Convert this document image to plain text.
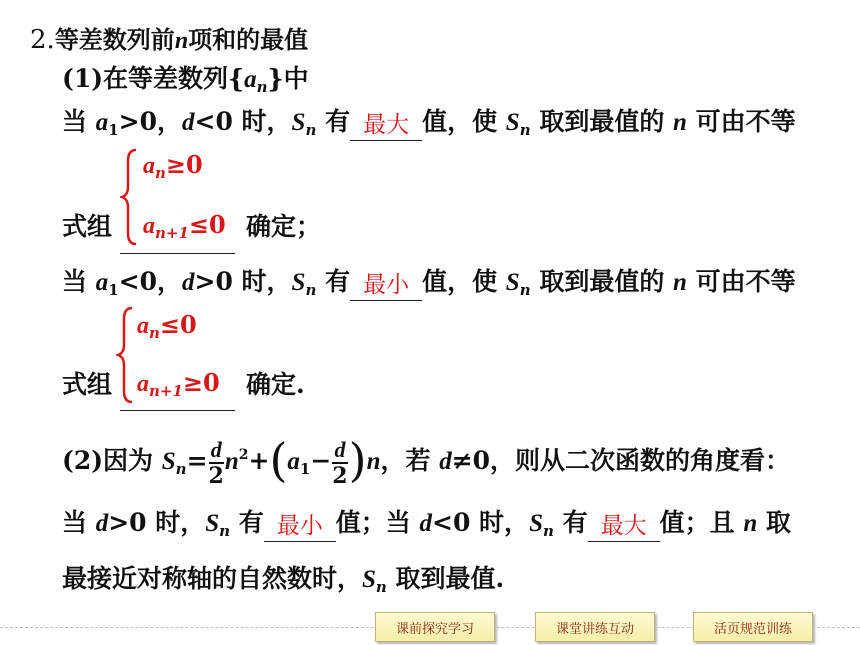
2.等差数列前n项和的最值
(1)在等差数列$\{a_n\}$中
当 $a_1>0$，d<0 时，$S_n$ 有 最大 值，使 $S_n$ 取到最值的 n 可由不等
$a_n\ge 0$
式组 $a_{n+1}\le 0$ 确定；
当 $a_1<0$，d>0 时，$S_n$ 有 最小 值，使 $S_n$ 取到最值的 n 可由不等
$a_n\le 0$
式组 $a_{n+1}\ge 0$ 确定.
(2)因为 $S_n= \frac{d}{2} n^2+(a_1- \frac{d}{2} )n$，若 d≠0，则从二次函数的角度看：
当 d>0 时，$S_n$ 有 最小 值；当 d<0 时，$S_n$ 有 最大 值；且 n 取
最接近对称轴的自然数时，$S_n$ 取到最值.
课前探究学习	课堂讲练互动	活页规范训练
